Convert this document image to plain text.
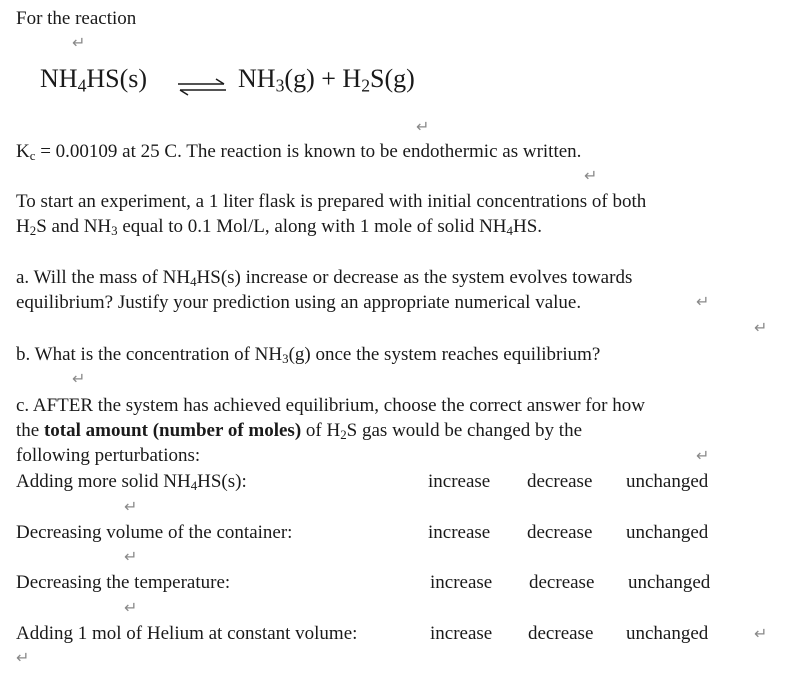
For the reaction
↵
$NH_4HS(s)$ ⇌ $NH_3(g) + H_2S(g)$
↵
$K_c = 0.00109$ at 25 C. The reaction is known to be endothermic as written.
↵
To start an experiment, a 1 liter flask is prepared with initial concentrations of both
$H_2S$ and $NH_3$ equal to 0.1 Mol/L, along with 1 mole of solid $NH_4HS$.
a. Will the mass of $NH_4HS(s)$ increase or decrease as the system evolves towards
equilibrium? Justify your prediction using an appropriate numerical value.	↵
↵
b. What is the concentration of $NH_3(g)$ once the system reaches equilibrium?
↵
c. AFTER the system has achieved equilibrium, choose the correct answer for how
the total amount (number of moles) of $H_2S$ gas would be changed by the
following perturbations:	↵
Adding more solid $NH_4HS(s)$:	increase decrease unchanged
↵
Decreasing volume of the container:	increase decrease unchanged
↵
Decreasing the temperature:	increase decrease unchanged
↵
Adding 1 mol of Helium at constant volume:	increase decrease unchanged	↵
↵
